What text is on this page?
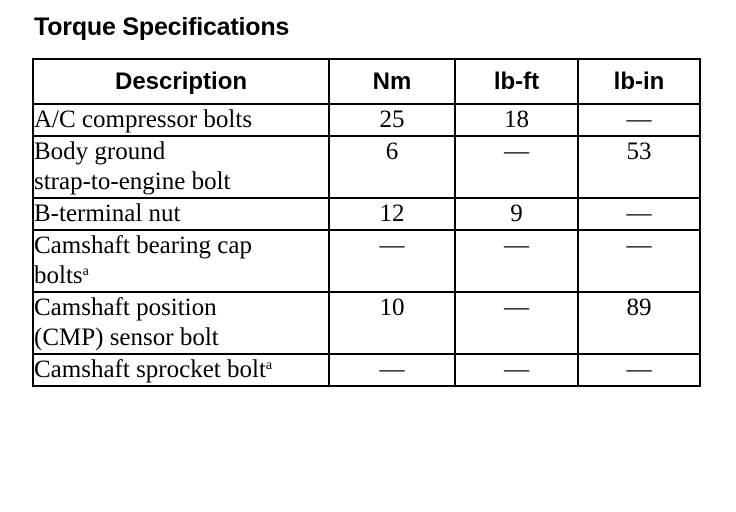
Torque Specifications
Description	Nm	lb-ft	lb-in

A/C compressor bolts	25	18	—

Body ground
strap-to-engine bolt	6	—	53

B-terminal nut	12	9	—

Camshaft bearing cap
bolts$^a$	—	—	—

Camshaft position
(CMP) sensor bolt	10	—	89

Camshaft sprocket bolt$^a$	—	—	—
